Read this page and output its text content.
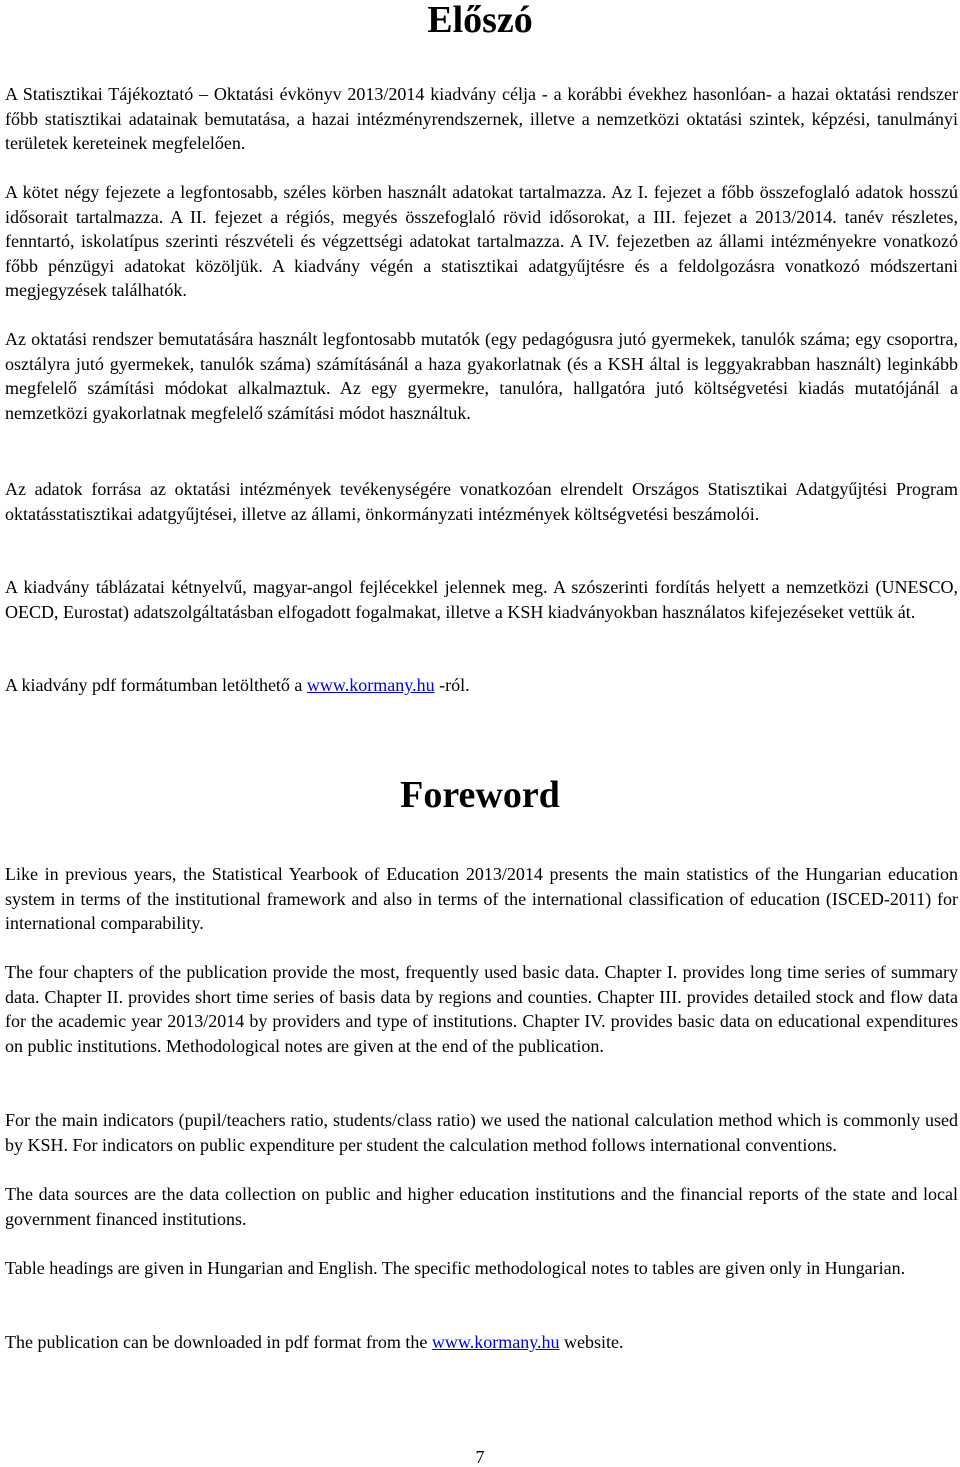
Előszó

A Statisztikai Tájékoztató ‒ Oktatási évkönyv 2013/2014 kiadvány célja - a korábbi évekhez hasonlóan- a hazai oktatási rendszer főbb statisztikai adatainak bemutatása, a hazai intézményrendszernek, illetve a nemzetközi oktatási szintek, képzési, tanulmányi területek kereteinek megfelelően.

A kötet négy fejezete a legfontosabb, széles körben használt adatokat tartalmazza. Az I. fejezet a főbb összefoglaló adatok hosszú idősorait tartalmazza. A II. fejezet a régiós, megyés összefoglaló rövid idősorokat, a III. fejezet a 2013/2014. tanév részletes, fenntartó, iskolatípus szerinti részvételi és végzettségi adatokat tartalmazza. A IV. fejezetben az állami intézményekre vonatkozó főbb pénzügyi adatokat közöljük. A kiadvány végén a statisztikai adatgyűjtésre és a feldolgozásra vonatkozó módszertani megjegyzések találhatók.

Az oktatási rendszer bemutatására használt legfontosabb mutatók (egy pedagógusra jutó gyermekek, tanulók száma; egy csoportra, osztályra jutó gyermekek, tanulók száma) számításánál a haza gyakorlatnak (és a KSH által is leggyakrabban használt) leginkább megfelelő számítási módokat alkalmaztuk. Az egy gyermekre, tanulóra, hallgatóra jutó költségvetési kiadás mutatójánál a nemzetközi gyakorlatnak megfelelő számítási módot használtuk.

Az adatok forrása az oktatási intézmények tevékenységére vonatkozóan elrendelt Országos Statisztikai Adatgyűjtési Program oktatásstatisztikai adatgyűjtései, illetve az állami, önkormányzati intézmények költségvetési beszámolói.

A kiadvány táblázatai kétnyelvű, magyar-angol fejlécekkel jelennek meg. A szószerinti fordítás helyett a nemzetközi (UNESCO, OECD, Eurostat) adatszolgáltatásban elfogadott fogalmakat, illetve a KSH kiadványokban használatos kifejezéseket vettük át.

A kiadvány pdf formátumban letölthető a www.kormany.hu -ról.

Foreword

Like in previous years, the Statistical Yearbook of Education 2013/2014 presents the main statistics of the Hungarian education system in terms of the institutional framework and also in terms of the international classification of education (ISCED-2011) for international comparability.

The four chapters of the publication provide the most, frequently used basic data. Chapter I. provides long time series of summary data. Chapter II. provides short time series of basis data by regions and counties. Chapter III. provides detailed stock and flow data for the academic year 2013/2014 by providers and type of institutions. Chapter IV. provides basic data on educational expenditures on public institutions. Methodological notes are given at the end of the publication.

For the main indicators (pupil/teachers ratio, students/class ratio) we used the national calculation method which is commonly used by KSH. For indicators on public expenditure per student the calculation method follows international conventions.

The data sources are the data collection on public and higher education institutions and the financial reports of the state and local government financed institutions.

Table headings are given in Hungarian and English. The specific methodological notes to tables are given only in Hungarian.

The publication can be downloaded in pdf format from the www.kormany.hu website.

7
